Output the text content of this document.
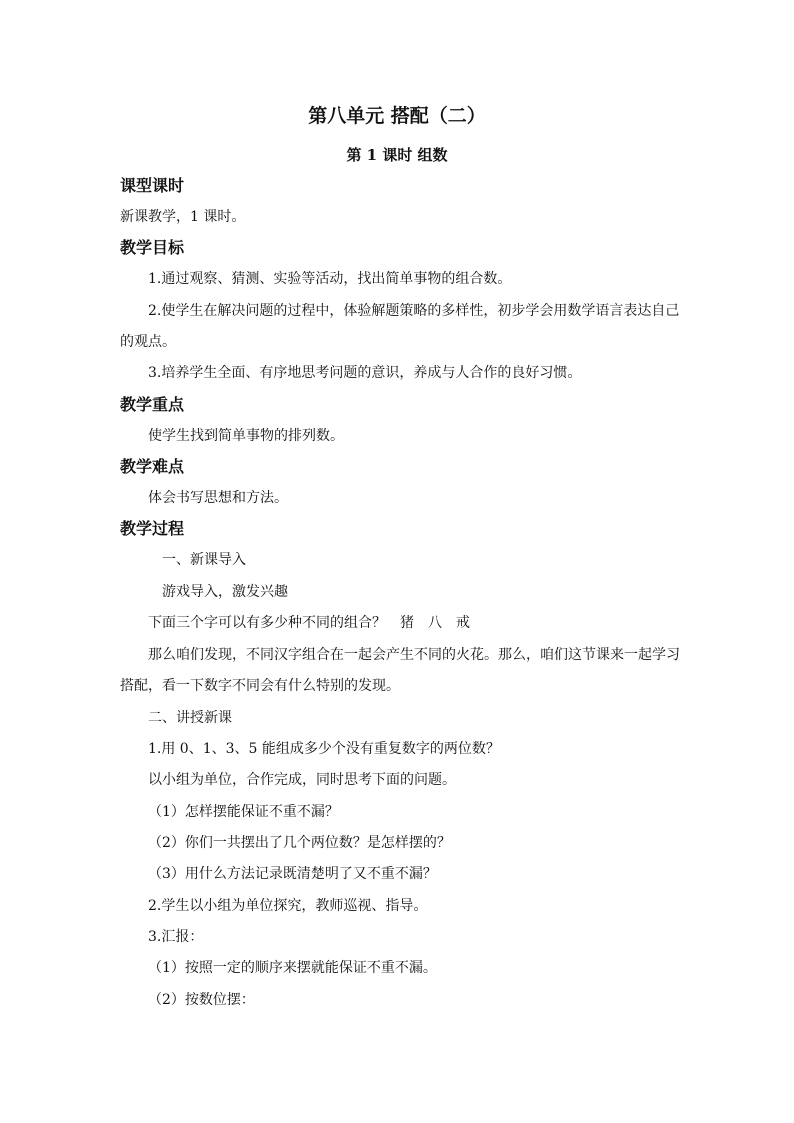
第八单元 搭配（二）
第 1 课时 组数
课型课时
新课教学，1 课时。
教学目标
1.通过观察、猜测、实验等活动，找出简单事物的组合数。
2.使学生在解决问题的过程中，体验解题策略的多样性，初步学会用数学语言表达自己
的观点。
3.培养学生全面、有序地思考问题的意识，养成与人合作的良好习惯。
教学重点
使学生找到简单事物的排列数。
教学难点
体会书写思想和方法。
教学过程
一、新课导入
游戏导入，激发兴趣
下面三个字可以有多少种不同的组合？　猪　八　戒
那么咱们发现，不同汉字组合在一起会产生不同的火花。那么，咱们这节课来一起学习
搭配，看一下数字不同会有什么特别的发现。
二、讲授新课
1.用 0、1、3、5 能组成多少个没有重复数字的两位数？
以小组为单位，合作完成，同时思考下面的问题。
（1）怎样摆能保证不重不漏？
（2）你们一共摆出了几个两位数？是怎样摆的？
（3）用什么方法记录既清楚明了又不重不漏？
2.学生以小组为单位探究，教师巡视、指导。
3.汇报：
（1）按照一定的顺序来摆就能保证不重不漏。
（2）按数位摆：
